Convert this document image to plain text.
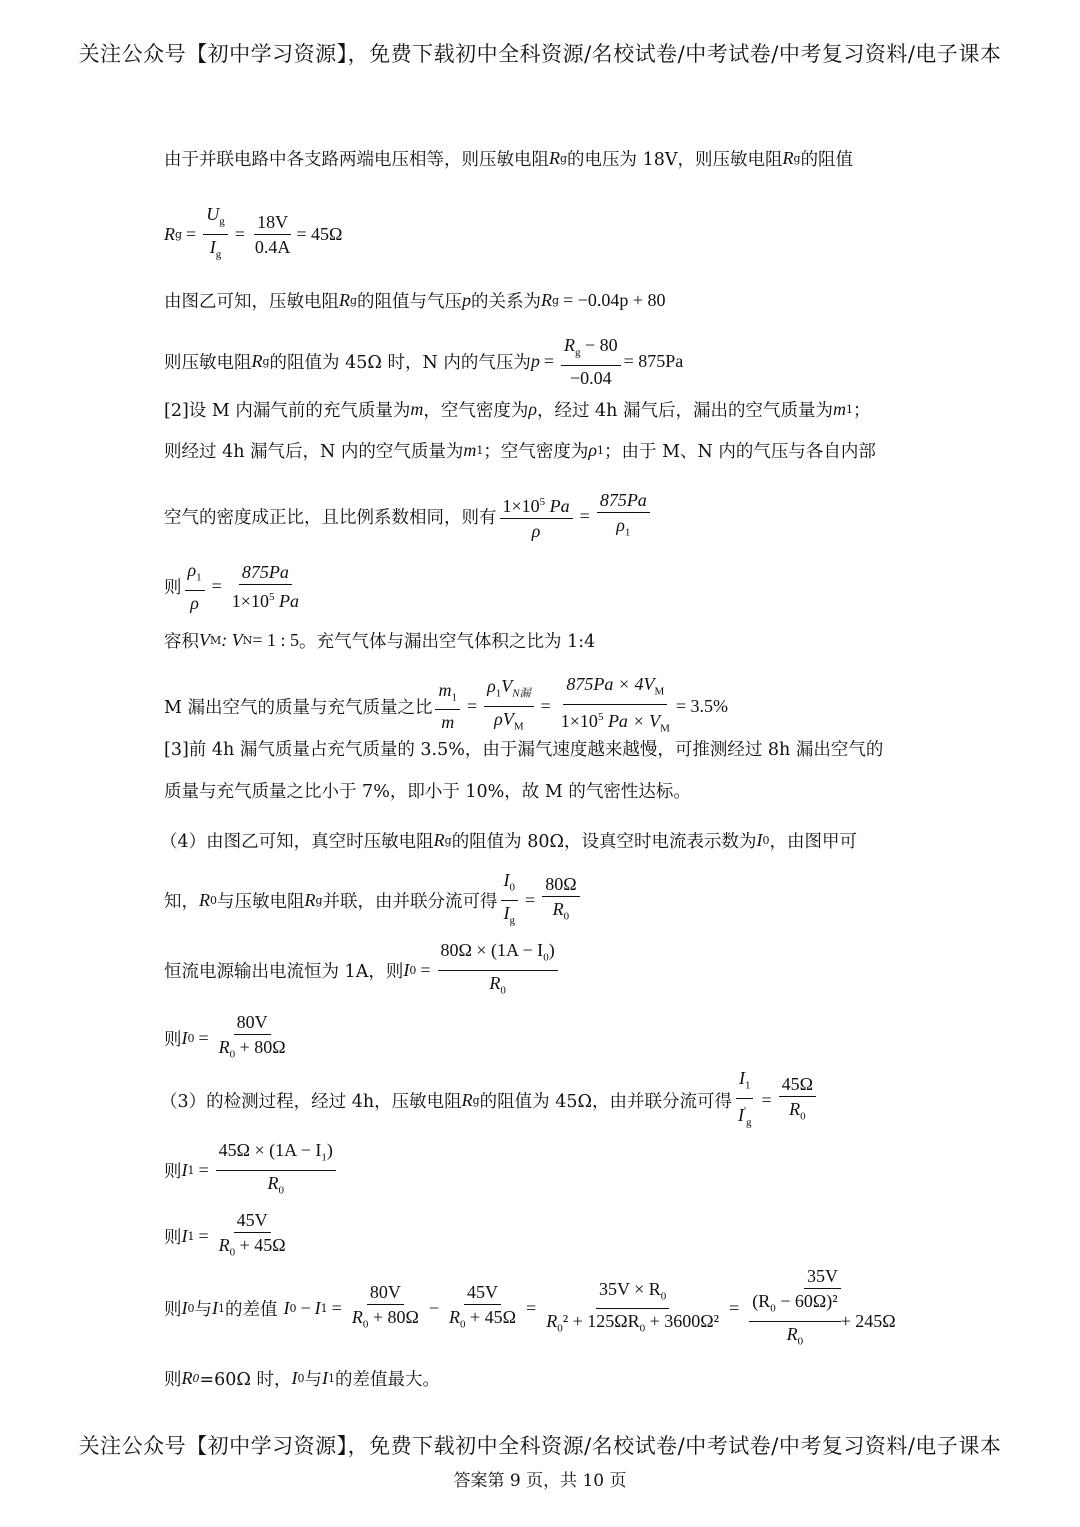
关注公众号【初中学习资源】，免费下载初中全科资源/名校试卷/中考试卷/中考复习资料/电子课本
由于并联电路中各支路两端电压相等，则压敏电阻 R g 的电压为 18V，则压敏电阻 R g 的阻值
R $g = \frac{U_g}{I_g} = \frac{18V}{0.4A} = 45\Omega$
由图乙可知，压敏电阻 R g 的阻值与气压 p 的关系为 R g = −0.04p + 80
则压敏电阻 R g 的阻值为 45Ω 时，N 内的气压为 $p = \frac{R_g - 80}{-0.04} = 875Pa$
[2]设 M 内漏气前的充气质量为 m ，空气密度为 ρ ，经过 4h 漏气后，漏出的空气质量为 m 1 ；
则经过 4h 漏气后，N 内的空气质量为 m 1 ；空气密度为 ρ 1 ；由于 M、N 内的气压与各自内部
空气的密度成正比，且比例系数相同，则有 $\frac{1\times 10^5 Pa}{\rho} = \frac{875Pa}{\rho_1}$
则 $\frac{\rho_1}{\rho} = \frac{875Pa}{1\times 10^5 Pa}$
容积 V M : V N = 1 : 5 。充气气体与漏出空气体积之比为 1:4
M 漏出空气的质量与充气质量之比 $\frac{m_1}{m} = \frac{\rho_1V_{N漏}}{\rho V_M} = \frac{875Pa \times 4V_M}{1\times 10^5 Pa \times V_M} = 3.5\%$
[3]前 4h 漏气质量占充气质量的 3.5%，由于漏气速度越来越慢，可推测经过 8h 漏出空气的
质量与充气质量之比小于 7%，即小于 10%，故 M 的气密性达标。
（4）由图乙可知，真空时压敏电阻 R g 的阻值为 80Ω，设真空时电流表示数为 I 0 ，由图甲可
知， R 0 与压敏电阻 R g 并联，由并联分流可得 $\frac{I_0}{I_g} = \frac{80\Omega}{R_0}$
恒流电源输出电流恒为 1A，则 I $0 = \frac{80\Omega \times (1A - I_0)}{R_0}$
则 I $0 = \frac{80V}{R_0 + 80\Omega}$
（3）的检测过程，经过 4h，压敏电阻 R g 的阻值为 45Ω，由并联分流可得 $\frac{I_1}{I'_g} = \frac{45\Omega}{R_0}$
则 I $1 = \frac{45\Omega \times (1A - I_1)}{R_0}$
则 I $1 = \frac{45V}{R_0 + 45\Omega}$
则 I 0 与 I 1 的差值 I 0 − I $1 = \frac{80V}{R_0 + 80\Omega} - \frac{45V}{R_0 + 45\Omega} = \frac{35V \times R_0}{R_0^2 + 125\Omega R_0 + 3600\Omega^2} = \frac{35V}{\frac{(R_0 - 60\Omega)^2}{R_0} + 245\Omega}$
则 R 0 =60Ω 时， I 0 与 I 1 的差值最大。
关注公众号【初中学习资源】，免费下载初中全科资源/名校试卷/中考试卷/中考复习资料/电子课本
答案第 9 页，共 10 页
